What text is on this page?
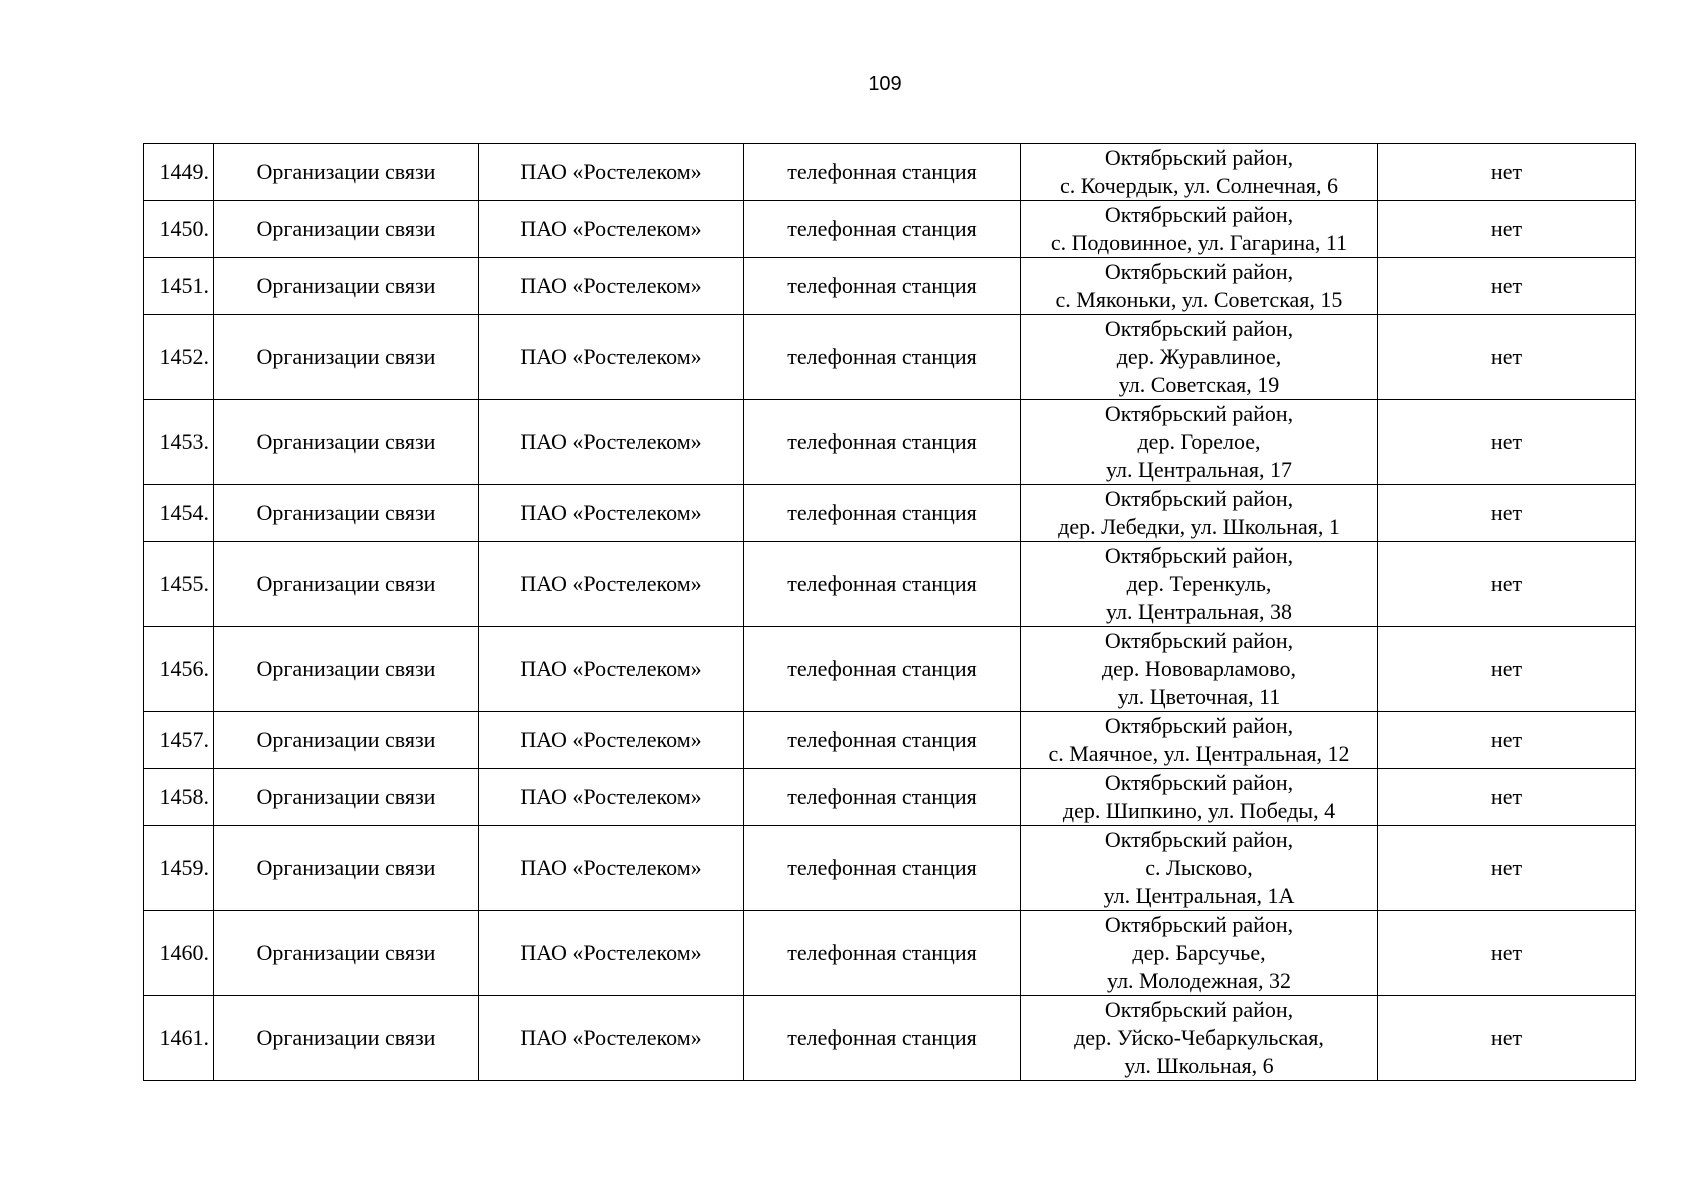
109
1449.	Организации связи	ПАО «Ростелеком»	телефонная станция	Октябрьский район,
с. Кочердык, ул. Солнечная, 6	нет
1450.	Организации связи	ПАО «Ростелеком»	телефонная станция	Октябрьский район,
с. Подовинное, ул. Гагарина, 11	нет
1451.	Организации связи	ПАО «Ростелеком»	телефонная станция	Октябрьский район,
с. Мяконьки, ул. Советская, 15	нет
1452.	Организации связи	ПАО «Ростелеком»	телефонная станция	Октябрьский район,
дер. Журавлиное,
ул. Советская, 19	нет
1453.	Организации связи	ПАО «Ростелеком»	телефонная станция	Октябрьский район,
дер. Горелое,
ул. Центральная, 17	нет
1454.	Организации связи	ПАО «Ростелеком»	телефонная станция	Октябрьский район,
дер. Лебедки, ул. Школьная, 1	нет
1455.	Организации связи	ПАО «Ростелеком»	телефонная станция	Октябрьский район,
дер. Теренкуль,
ул. Центральная, 38	нет
1456.	Организации связи	ПАО «Ростелеком»	телефонная станция	Октябрьский район,
дер. Нововарламово,
ул. Цветочная, 11	нет
1457.	Организации связи	ПАО «Ростелеком»	телефонная станция	Октябрьский район,
с. Маячное, ул. Центральная, 12	нет
1458.	Организации связи	ПАО «Ростелеком»	телефонная станция	Октябрьский район,
дер. Шипкино, ул. Победы, 4	нет
1459.	Организации связи	ПАО «Ростелеком»	телефонная станция	Октябрьский район,
с. Лысково,
ул. Центральная, 1А	нет
1460.	Организации связи	ПАО «Ростелеком»	телефонная станция	Октябрьский район,
дер. Барсучье,
ул. Молодежная, 32	нет
1461.	Организации связи	ПАО «Ростелеком»	телефонная станция	Октябрьский район,
дер. Уйско-Чебаркульская,
ул. Школьная, 6	нет
